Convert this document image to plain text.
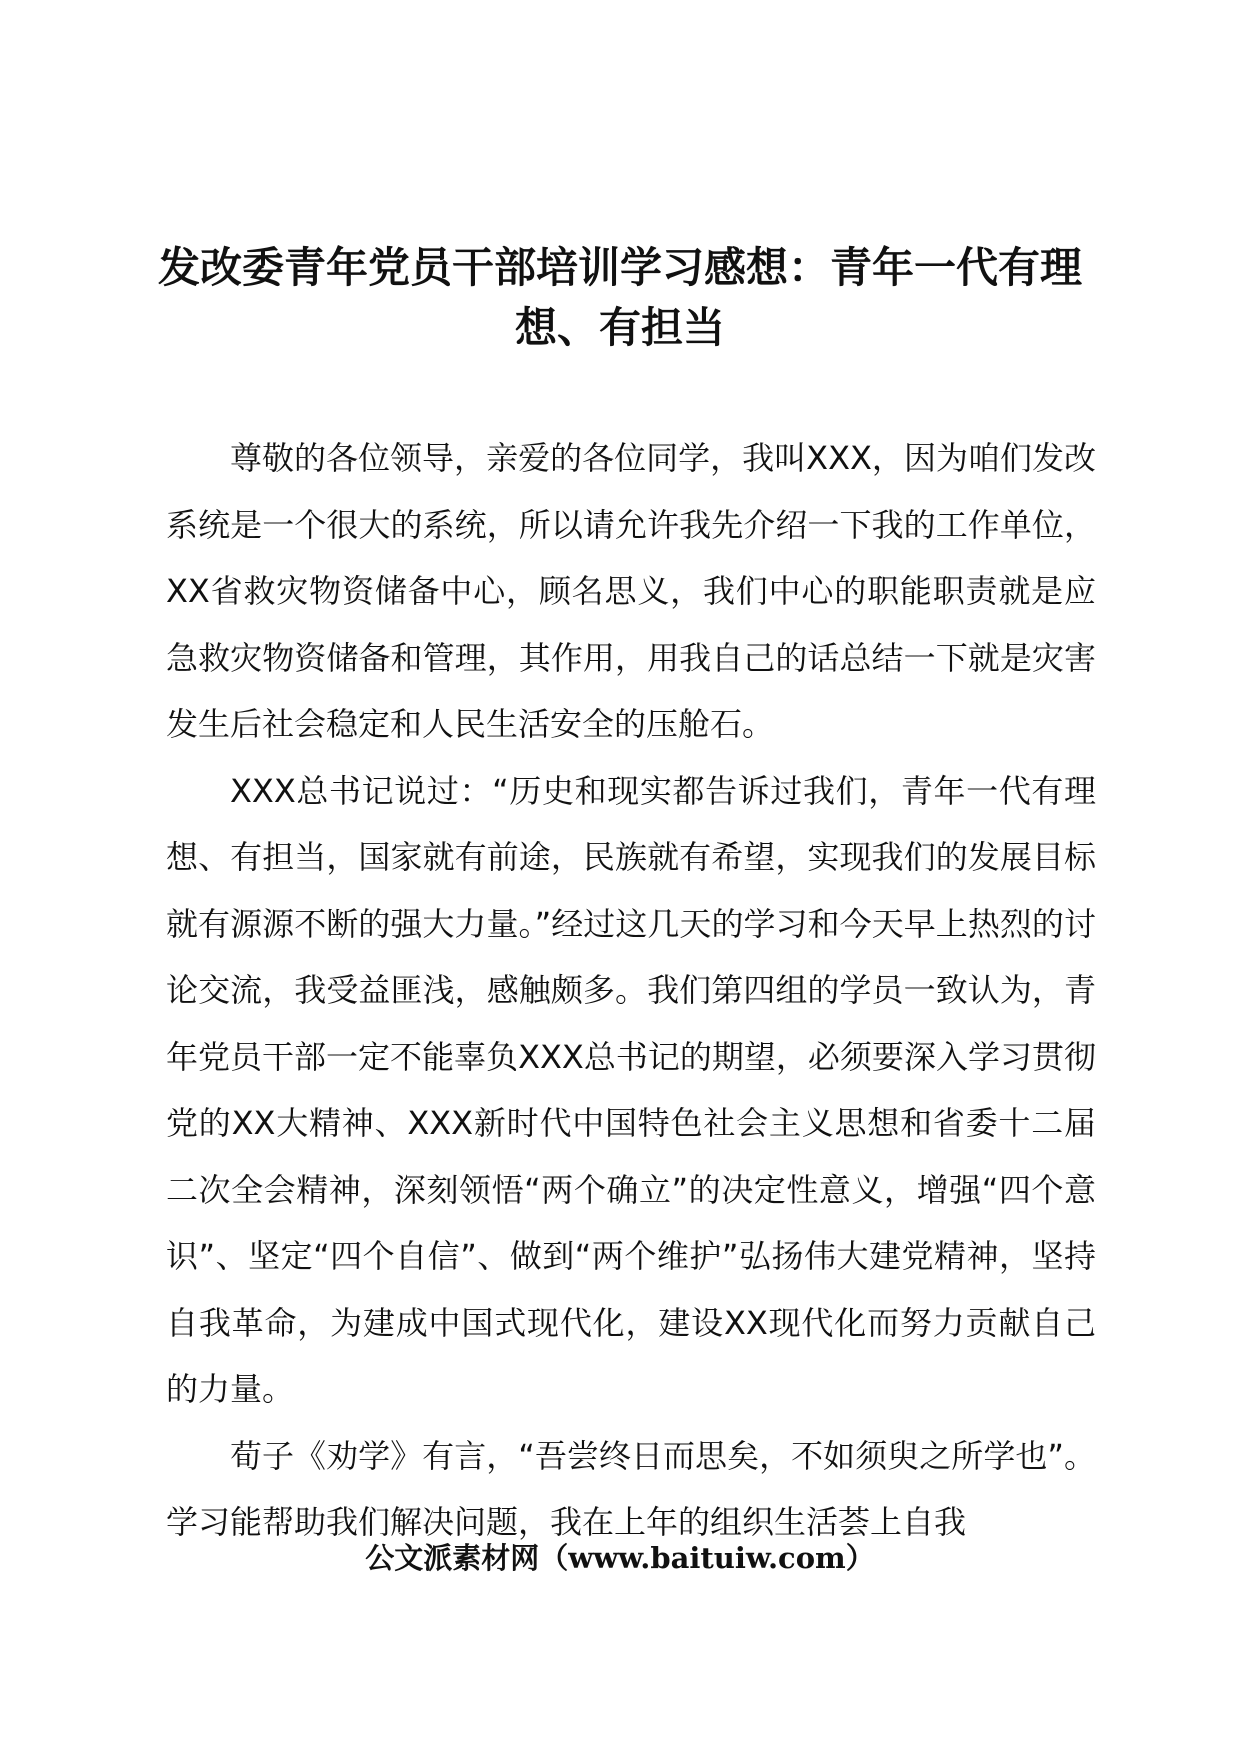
发改委青年党员干部培训学习感想：青年一代有理想、有担当

尊敬的各位领导，亲爱的各位同学，我叫XXX，因为咱们发改系统是一个很大的系统，所以请允许我先介绍一下我的工作单位，XX省救灾物资储备中心，顾名思义，我们中心的职能职责就是应急救灾物资储备和管理，其作用，用我自己的话总结一下就是灾害发生后社会稳定和人民生活安全的压舱石。

XXX总书记说过：“历史和现实都告诉过我们，青年一代有理想、有担当，国家就有前途，民族就有希望，实现我们的发展目标就有源源不断的强大力量。”经过这几天的学习和今天早上热烈的讨论交流，我受益匪浅，感触颇多。我们第四组的学员一致认为，青年党员干部一定不能辜负XXX总书记的期望，必须要深入学习贯彻党的XX大精神、XXX新时代中国特色社会主义思想和省委十二届二次全会精神，深刻领悟“两个确立”的决定性意义，增强“四个意识”、坚定“四个自信”、做到“两个维护”弘扬伟大建党精神，坚持自我革命，为建成中国式现代化，建设XX现代化而努力贡献自己的力量。

荀子《劝学》有言，“吾尝终日而思矣，不如须臾之所学也”。学习能帮助我们解决问题，我在上年的组织生活荟上自我

公文派素材网（www.baituiw.com）
